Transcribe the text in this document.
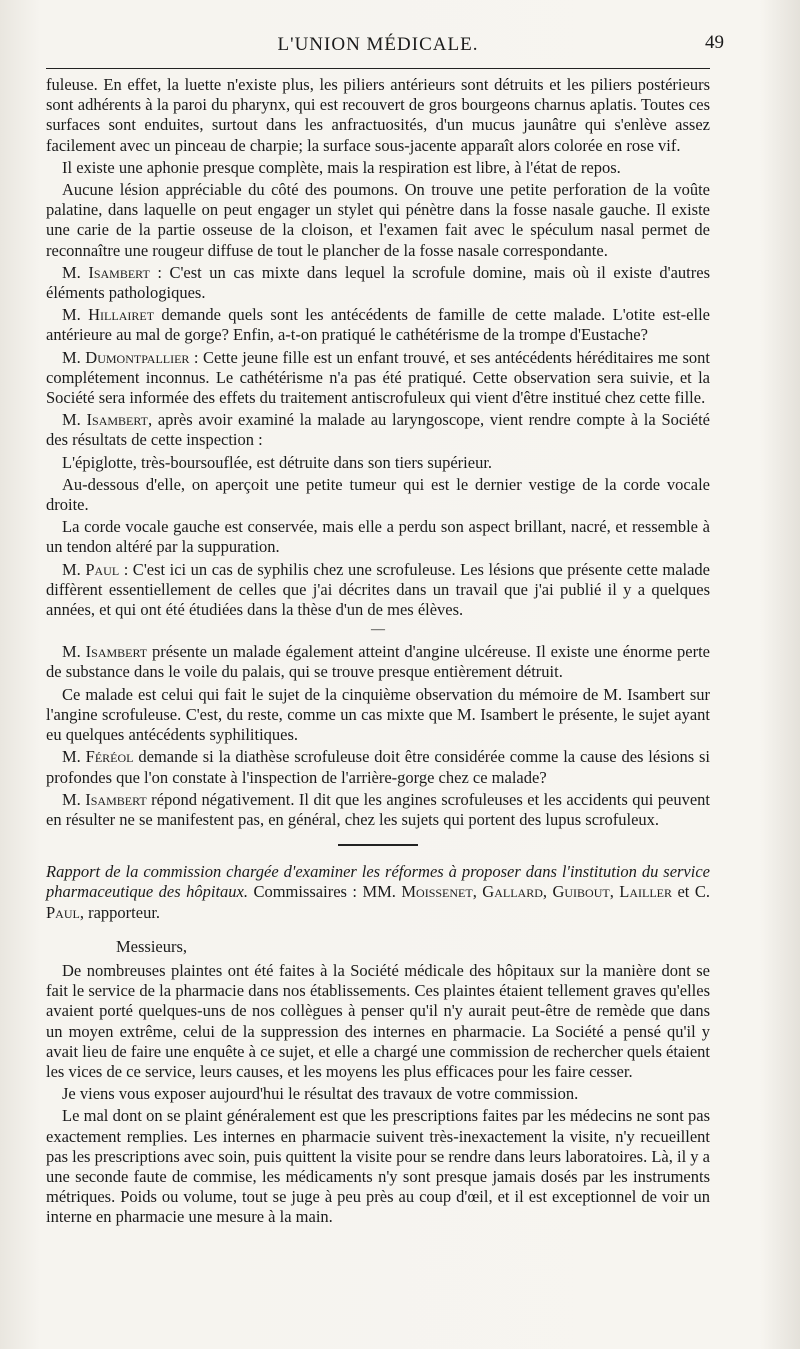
L'UNION MÉDICALE.	49

fuleuse. En effet, la luette n'existe plus, les piliers antérieurs sont détruits et les piliers postérieurs sont adhérents à la paroi du pharynx, qui est recouvert de gros bourgeons charnus aplatis. Toutes ces surfaces sont enduites, surtout dans les anfractuosités, d'un mucus jaunâtre qui s'enlève assez facilement avec un pinceau de charpie; la surface sous-jacente apparaît alors colorée en rose vif.

Il existe une aphonie presque complète, mais la respiration est libre, à l'état de repos.

Aucune lésion appréciable du côté des poumons. On trouve une petite perforation de la voûte palatine, dans laquelle on peut engager un stylet qui pénètre dans la fosse nasale gauche. Il existe une carie de la partie osseuse de la cloison, et l'examen fait avec le spéculum nasal permet de reconnaître une rougeur diffuse de tout le plancher de la fosse nasale correspondante.

M. Isambert : C'est un cas mixte dans lequel la scrofule domine, mais où il existe d'autres éléments pathologiques.

M. Hillairet demande quels sont les antécédents de famille de cette malade. L'otite est-elle antérieure au mal de gorge? Enfin, a-t-on pratiqué le cathétérisme de la trompe d'Eustache?

M. Dumontpallier : Cette jeune fille est un enfant trouvé, et ses antécédents héréditaires me sont complétement inconnus. Le cathétérisme n'a pas été pratiqué. Cette observation sera suivie, et la Société sera informée des effets du traitement antiscrofuleux qui vient d'être institué chez cette fille.

M. Isambert, après avoir examiné la malade au laryngoscope, vient rendre compte à la Société des résultats de cette inspection :

L'épiglotte, très-boursouflée, est détruite dans son tiers supérieur.

Au-dessous d'elle, on aperçoit une petite tumeur qui est le dernier vestige de la corde vocale droite.

La corde vocale gauche est conservée, mais elle a perdu son aspect brillant, nacré, et ressemble à un tendon altéré par la suppuration.

M. Paul : C'est ici un cas de syphilis chez une scrofuleuse. Les lésions que présente cette malade diffèrent essentiellement de celles que j'ai décrites dans un travail que j'ai publié il y a quelques années, et qui ont été étudiées dans la thèse d'un de mes élèves.

—

M. Isambert présente un malade également atteint d'angine ulcéreuse. Il existe une énorme perte de substance dans le voile du palais, qui se trouve presque entièrement détruit.

Ce malade est celui qui fait le sujet de la cinquième observation du mémoire de M. Isambert sur l'angine scrofuleuse. C'est, du reste, comme un cas mixte que M. Isambert le présente, le sujet ayant eu quelques antécédents syphilitiques.

M. Féréol demande si la diathèse scrofuleuse doit être considérée comme la cause des lésions si profondes que l'on constate à l'inspection de l'arrière-gorge chez ce malade?

M. Isambert répond négativement. Il dit que les angines scrofuleuses et les accidents qui peuvent en résulter ne se manifestent pas, en général, chez les sujets qui portent des lupus scrofuleux.

Rapport de la commission chargée d'examiner les réformes à proposer dans l'institution du service pharmaceutique des hôpitaux. Commissaires : MM. Moissenet, Gallard, Guibout, Lailler et C. Paul, rapporteur.

Messieurs,

De nombreuses plaintes ont été faites à la Société médicale des hôpitaux sur la manière dont se fait le service de la pharmacie dans nos établissements. Ces plaintes étaient tellement graves qu'elles avaient porté quelques-uns de nos collègues à penser qu'il n'y aurait peut-être de remède que dans un moyen extrême, celui de la suppression des internes en pharmacie. La Société a pensé qu'il y avait lieu de faire une enquête à ce sujet, et elle a chargé une commission de rechercher quels étaient les vices de ce service, leurs causes, et les moyens les plus efficaces pour les faire cesser.

Je viens vous exposer aujourd'hui le résultat des travaux de votre commission.

Le mal dont on se plaint généralement est que les prescriptions faites par les médecins ne sont pas exactement remplies. Les internes en pharmacie suivent très-inexactement la visite, n'y recueillent pas les prescriptions avec soin, puis quittent la visite pour se rendre dans leurs laboratoires. Là, il y a une seconde faute de commise, les médicaments n'y sont presque jamais dosés par les instruments métriques. Poids ou volume, tout se juge à peu près au coup d'œil, et il est exceptionnel de voir un interne en pharmacie une mesure à la main.
